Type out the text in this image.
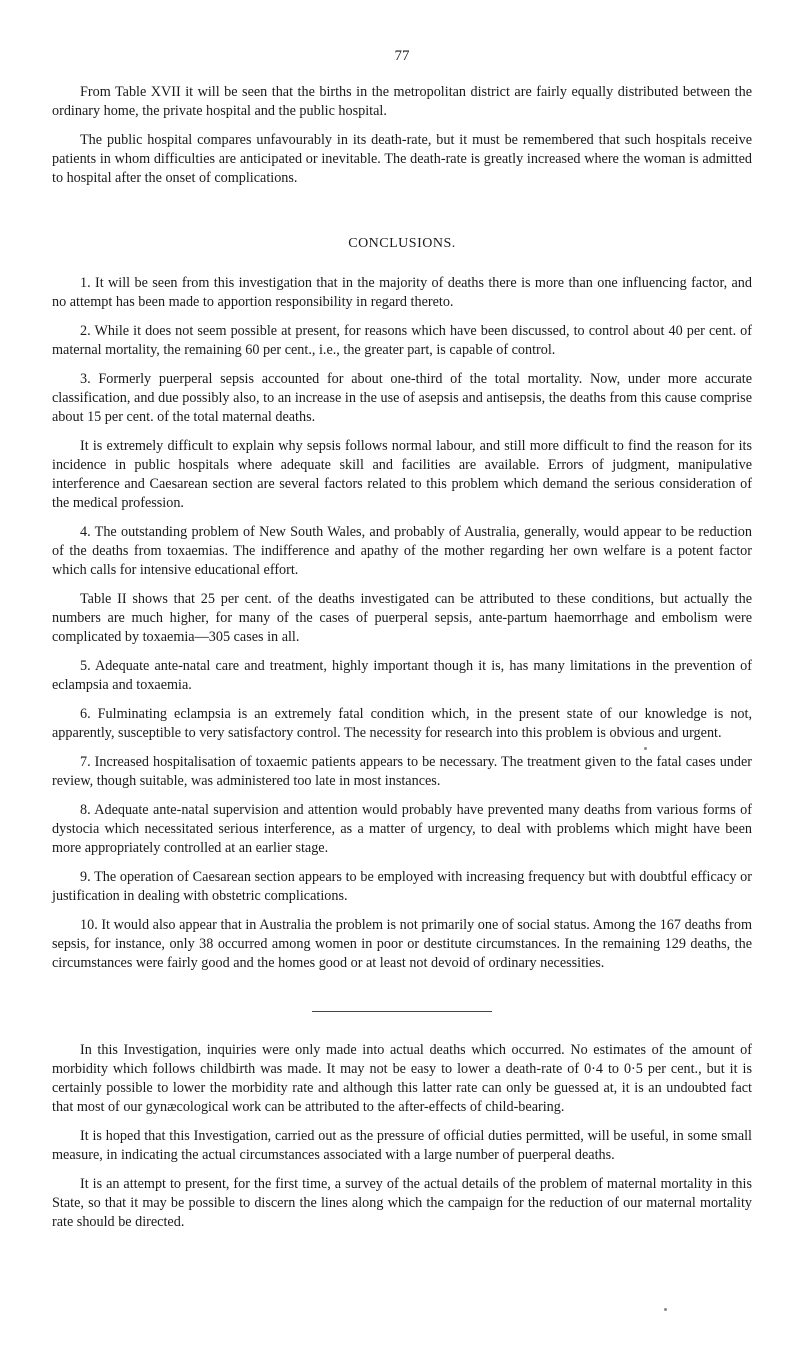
77

From Table XVII it will be seen that the births in the metropolitan district are fairly equally distributed between the ordinary home, the private hospital and the public hospital.

The public hospital compares unfavourably in its death-rate, but it must be remembered that such hospitals receive patients in whom difficulties are anticipated or inevitable. The death-rate is greatly increased where the woman is admitted to hospital after the onset of complications.

CONCLUSIONS.

1. It will be seen from this investigation that in the majority of deaths there is more than one influencing factor, and no attempt has been made to apportion responsibility in regard thereto.

2. While it does not seem possible at present, for reasons which have been discussed, to control about 40 per cent. of maternal mortality, the remaining 60 per cent., i.e., the greater part, is capable of control.

3. Formerly puerperal sepsis accounted for about one-third of the total mortality. Now, under more accurate classification, and due possibly also, to an increase in the use of asepsis and antisepsis, the deaths from this cause comprise about 15 per cent. of the total maternal deaths.

It is extremely difficult to explain why sepsis follows normal labour, and still more difficult to find the reason for its incidence in public hospitals where adequate skill and facilities are available. Errors of judgment, manipulative interference and Caesarean section are several factors related to this problem which demand the serious consideration of the medical profession.

4. The outstanding problem of New South Wales, and probably of Australia, generally, would appear to be reduction of the deaths from toxaemias. The indifference and apathy of the mother regarding her own welfare is a potent factor which calls for intensive educational effort.

Table II shows that 25 per cent. of the deaths investigated can be attributed to these conditions, but actually the numbers are much higher, for many of the cases of puerperal sepsis, ante-partum haemorrhage and embolism were complicated by toxaemia—305 cases in all.

5. Adequate ante-natal care and treatment, highly important though it is, has many limitations in the prevention of eclampsia and toxaemia.

6. Fulminating eclampsia is an extremely fatal condition which, in the present state of our knowledge is not, apparently, susceptible to very satisfactory control. The necessity for research into this problem is obvious and urgent.

7. Increased hospitalisation of toxaemic patients appears to be necessary. The treatment given to the fatal cases under review, though suitable, was administered too late in most instances.

8. Adequate ante-natal supervision and attention would probably have prevented many deaths from various forms of dystocia which necessitated serious interference, as a matter of urgency, to deal with problems which might have been more appropriately controlled at an earlier stage.

9. The operation of Caesarean section appears to be employed with increasing frequency but with doubtful efficacy or justification in dealing with obstetric complications.

10. It would also appear that in Australia the problem is not primarily one of social status. Among the 167 deaths from sepsis, for instance, only 38 occurred among women in poor or destitute circumstances. In the remaining 129 deaths, the circumstances were fairly good and the homes good or at least not devoid of ordinary necessities.

In this Investigation, inquiries were only made into actual deaths which occurred. No estimates of the amount of morbidity which follows childbirth was made. It may not be easy to lower a death-rate of 0·4 to 0·5 per cent., but it is certainly possible to lower the morbidity rate and although this latter rate can only be guessed at, it is an undoubted fact that most of our gynæcological work can be attributed to the after-effects of child-bearing.

It is hoped that this Investigation, carried out as the pressure of official duties permitted, will be useful, in some small measure, in indicating the actual circumstances associated with a large number of puerperal deaths.

It is an attempt to present, for the first time, a survey of the actual details of the problem of maternal mortality in this State, so that it may be possible to discern the lines along which the campaign for the reduction of our maternal mortality rate should be directed.
